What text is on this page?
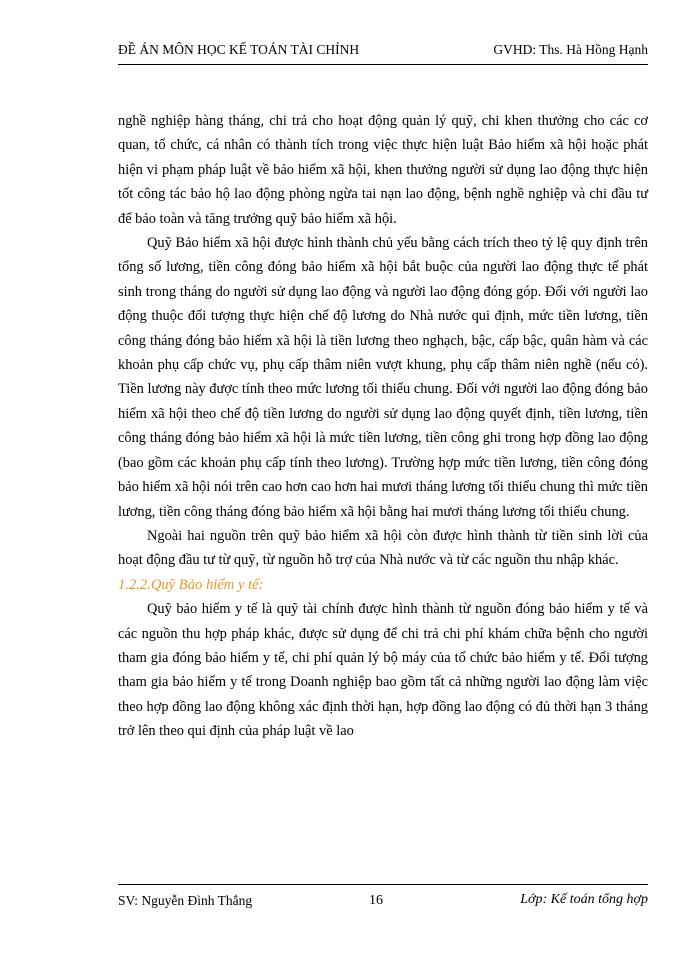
ĐỀ ÁN MÔN HỌC KẾ TOÁN TÀI CHÍNH	GVHD: Ths. Hà Hồng Hạnh

nghề nghiệp hàng tháng, chi trả cho hoạt động quản lý quỹ, chi khen thưởng cho các cơ quan, tổ chức, cá nhân có thành tích trong việc thực hiện luật Bảo hiểm xã hội hoặc phát hiện vi phạm pháp luật về bảo hiểm xã hội, khen thưởng người sử dụng lao động thực hiện tốt công tác bảo hộ lao động phòng ngừa tai nạn lao động, bệnh nghề nghiệp và chi đầu tư để bảo toàn và tăng trưởng quỹ bảo hiểm xã hội.

Quỹ Bảo hiểm xã hội được hình thành chủ yếu bằng cách trích theo tỷ lệ quy định trên tổng số lương, tiền công đóng bảo hiểm xã hội bắt buộc của người lao động thực tế phát sinh trong tháng do người sử dụng lao động và người lao động đóng góp. Đối với người lao động thuộc đối tượng thực hiện chế độ lương do Nhà nước qui định, mức tiền lương, tiền công tháng đóng bảo hiểm xã hội là tiền lương theo nghạch, bậc, cấp bậc, quân hàm và các khoản phụ cấp chức vụ, phụ cấp thâm niên vượt khung, phụ cấp thâm niên nghề (nếu có). Tiền lương này được tính theo mức lương tối thiểu chung. Đối với người lao động đóng bảo hiểm xã hội theo chế độ tiền lương do người sử dụng lao động quyết định, tiền lương, tiền công tháng đóng bảo hiểm xã hội là mức tiền lương, tiền công ghi trong hợp đồng lao động (bao gồm các khoản phụ cấp tính theo lương). Trường hợp mức tiền lương, tiền công đóng bảo hiểm xã hội nói trên cao hơn cao hơn hai mươi tháng lương tối thiểu chung thì mức tiền lương, tiền công tháng đóng bảo hiểm xã hội bằng hai mươi tháng lương tối thiểu chung.

Ngoài hai nguồn trên quỹ bảo hiểm xã hội còn được hình thành từ tiền sinh lời của hoạt động đầu tư từ quỹ, từ nguồn hỗ trợ của Nhà nước và từ các nguồn thu nhập khác.

1.2.2.Quỹ Bảo hiểm y tế:

Quỹ bảo hiểm y tế là quỹ tài chính được hình thành từ nguồn đóng bảo hiểm y tế và các nguồn thu hợp pháp khác, được sử dụng để chi trả chi phí khám chữa bệnh cho người tham gia đóng bảo hiểm y tế, chi phí quản lý bộ máy của tổ chức bảo hiểm y tế. Đối tượng tham gia bảo hiểm y tế trong Doanh nghiệp bao gồm tất cả những người lao động làm việc theo hợp đồng lao động không xác định thời hạn, hợp đồng lao động có đủ thời hạn 3 tháng trở lên theo qui định của pháp luật về lao

SV: Nguyễn Đình Thắng	16	Lớp: Kế toán tổng hợp
